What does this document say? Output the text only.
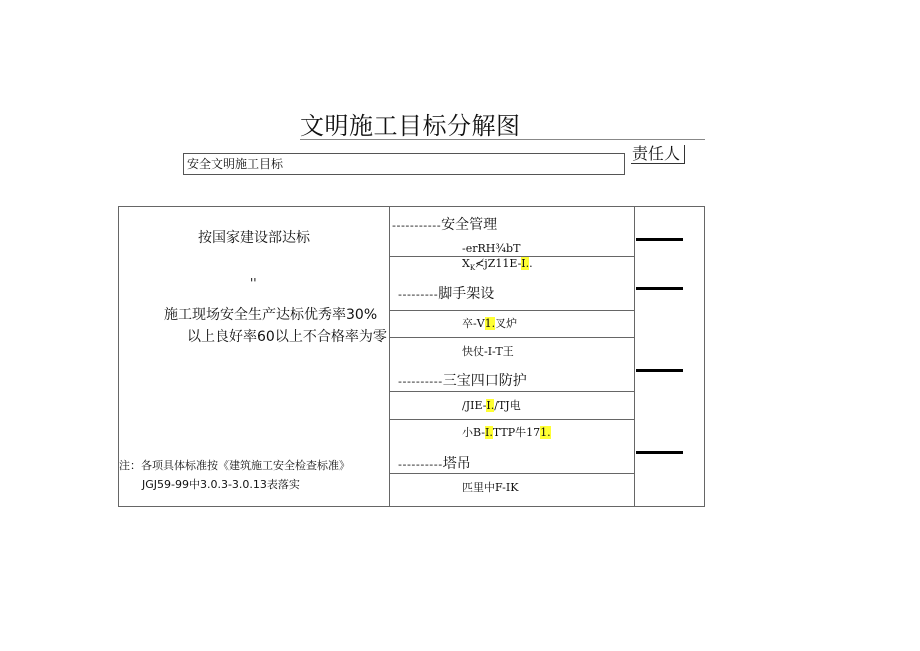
文明施工目标分解图
安全文明施工目标
责任人
按国家建设部达标
''
施工现场安全生产达标优秀率30%
以上良好率60以上不合格率为零
注：各项具体标准按《建筑施工安全检查标准》
JGJ59-99中3.0.3-3.0.13表落实
-----------安全管理
---------脚手架设
----------三宝四口防护
----------塔吊
-erRH¾bT
$X_K≮jZ11E-I$..
卒-V1.叉炉
快仗-I-T王
/JIE-I./TJ电
小B-I.TTP牛171.
匹里中F-IK
